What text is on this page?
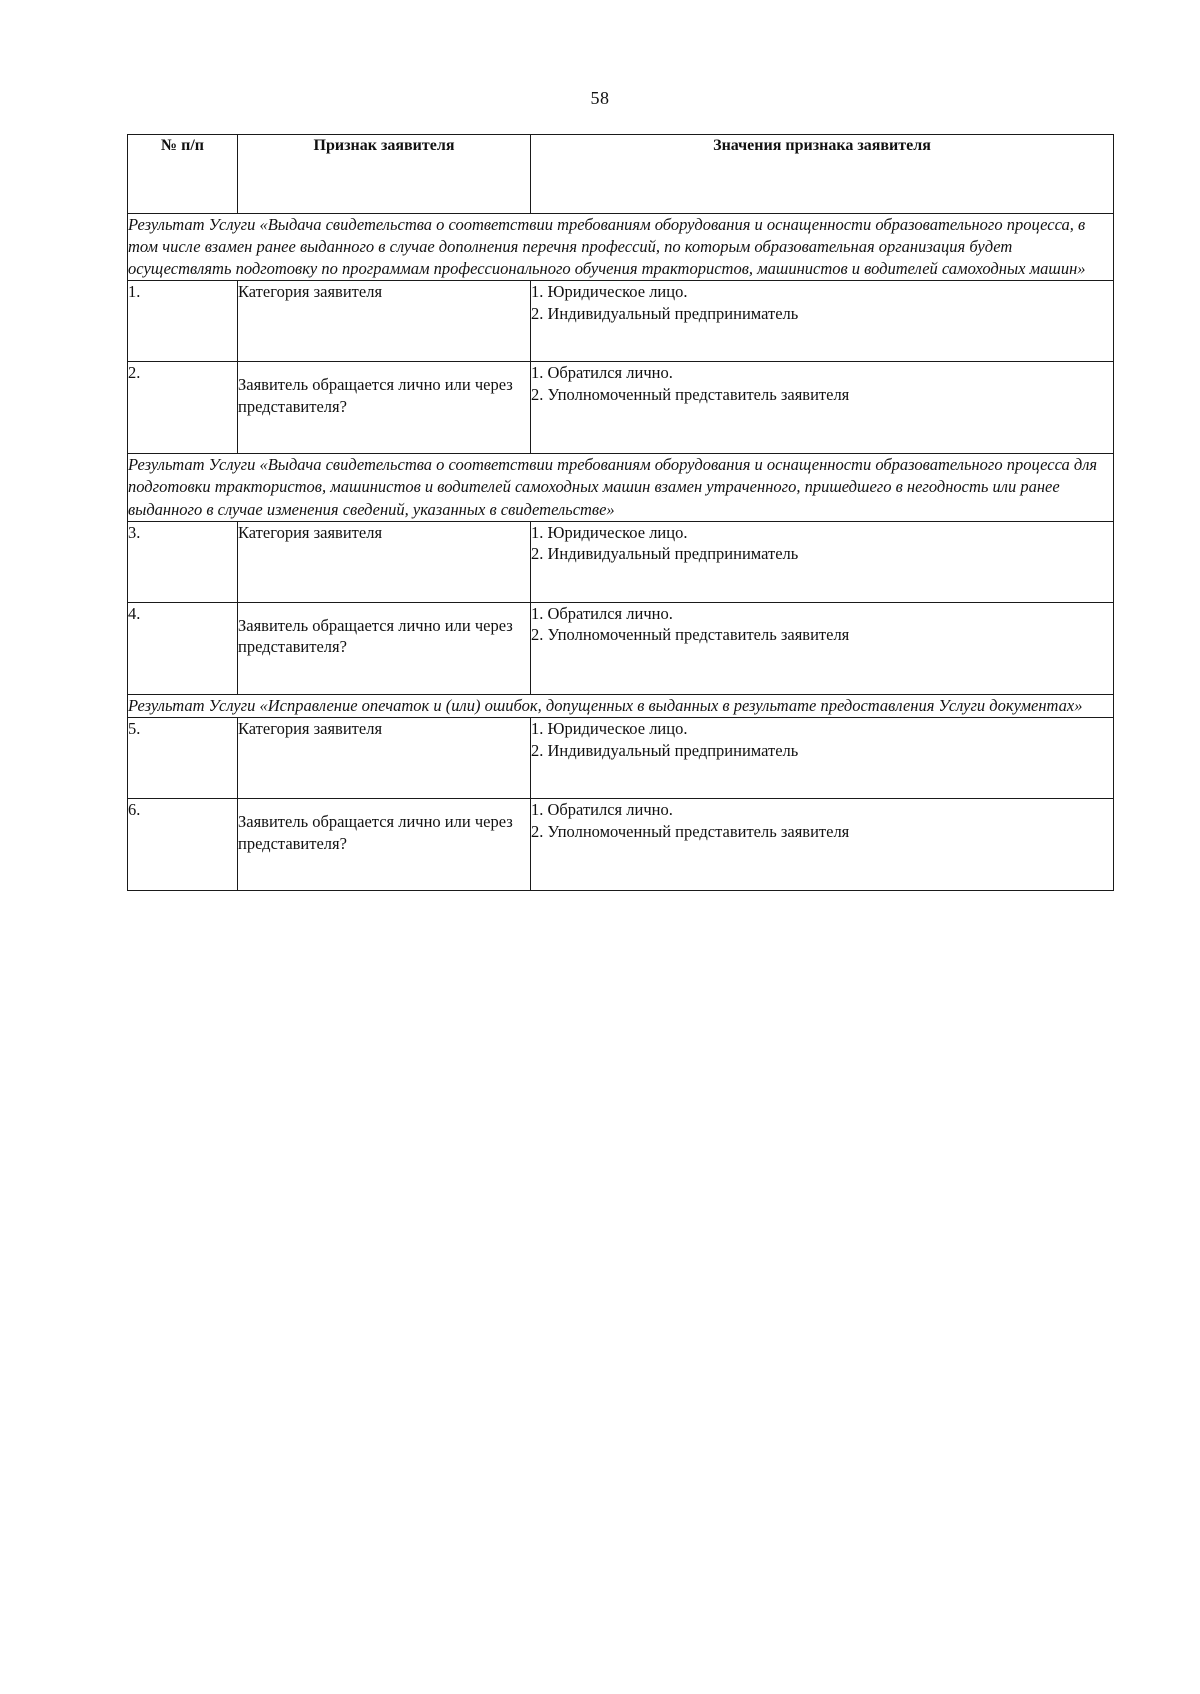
58
№ п/п	Признак заявителя	Значения признака заявителя
Результат Услуги «Выдача свидетельства о соответствии требованиям оборудования и оснащенности образовательного процесса, в том числе взамен ранее выданного в случае дополнения перечня профессий, по которым образовательная организация будет осуществлять подготовку по программам профессионального обучения трактористов, машинистов и водителей самоходных машин»		
1.	Категория заявителя	1. Юридическое лицо.
2. Индивидуальный предприниматель

2.	Заявитель обращается лично или через представителя?	1. Обратился лично.
2. Уполномоченный представитель заявителя

Результат Услуги «Выдача свидетельства о соответствии требованиям оборудования и оснащенности образовательного процесса для подготовки трактористов, машинистов и водителей самоходных машин взамен утраченного, пришедшего в негодность или ранее выданного в случае изменения сведений, указанных в свидетельстве»		
3.	Категория заявителя	1. Юридическое лицо.
2. Индивидуальный предприниматель

4.	Заявитель обращается лично или через представителя?	1. Обратился лично.
2. Уполномоченный представитель заявителя

Результат Услуги «Исправление опечаток и (или) ошибок, допущенных в выданных в результате предоставления Услуги документах»		
5.	Категория заявителя	1. Юридическое лицо.
2. Индивидуальный предприниматель

6.	Заявитель обращается лично или через представителя?	1. Обратился лично.
2. Уполномоченный представитель заявителя
